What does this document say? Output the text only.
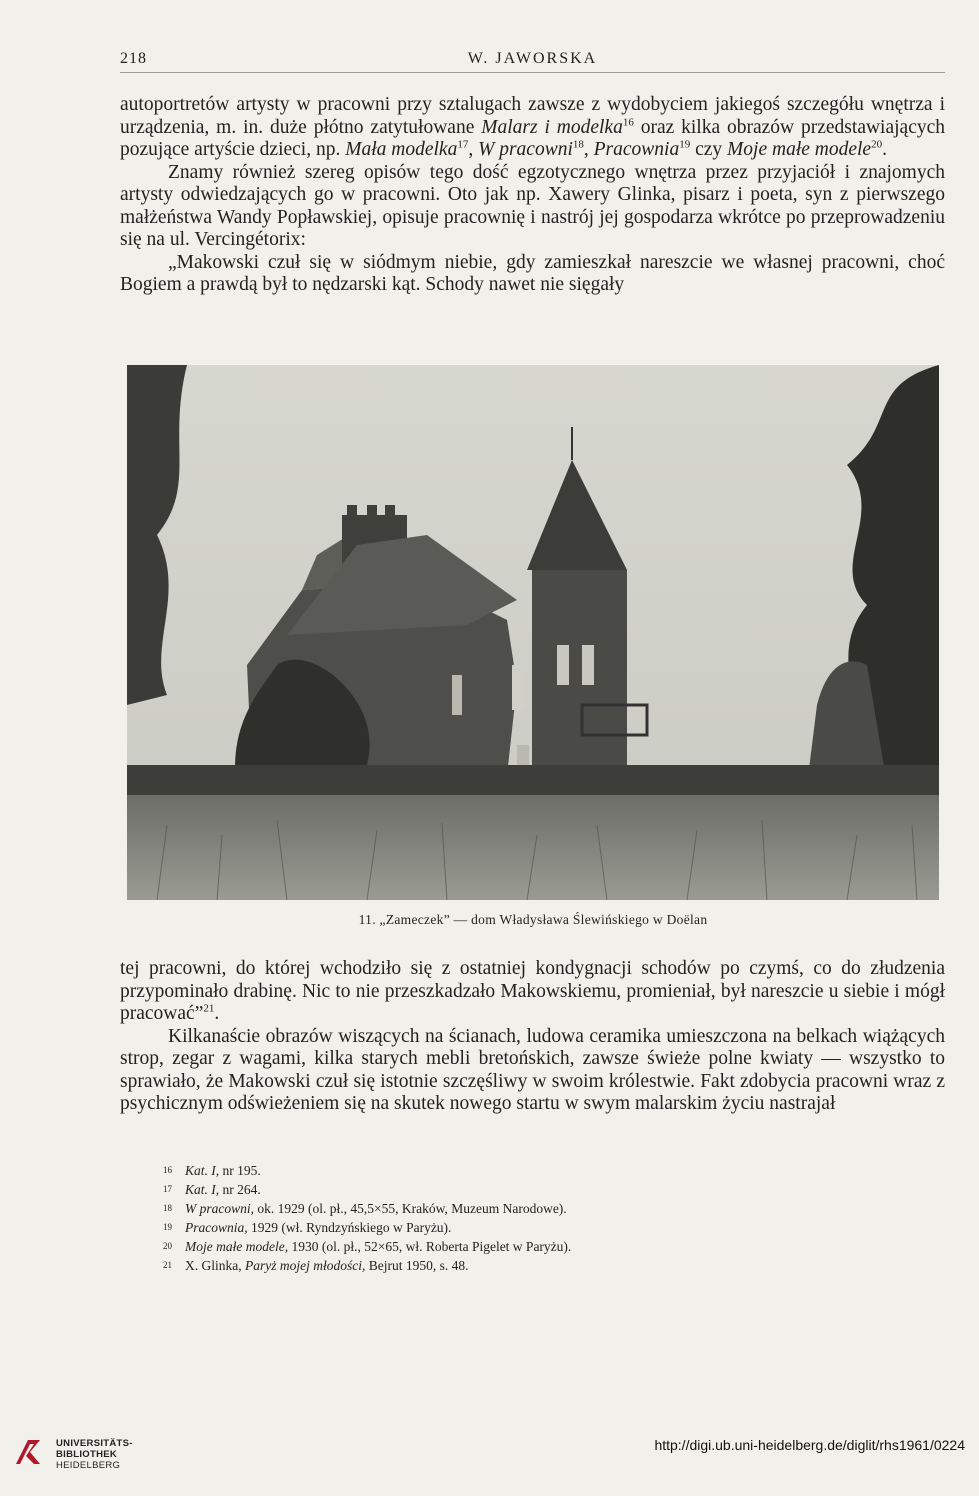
218	W. JAWORSKA

autoportretów artysty w pracowni przy sztalugach zawsze z wydobyciem jakiegoś szczegółu wnętrza i urządzenia, m. in. duże płótno zatytułowane Malarz i modelka$^{16}$ oraz kilka obrazów przedstawiających pozujące artyście dzieci, np. Mała modelka$^{17}$, W pracowni$^{18}$, Pracownia$^{19}$ czy Moje małe modele$^{20}$.

Znamy również szereg opisów tego dość egzotycznego wnętrza przez przyjaciół i znajomych artysty odwiedzających go w pracowni. Oto jak np. Xawery Glinka, pisarz i poeta, syn z pierwszego małżeństwa Wandy Popławskiej, opisuje pracownię i nastrój jej gospodarza wkrótce po przeprowadzeniu się na ul. Vercingétorix:

„Makowski czuł się w siódmym niebie, gdy zamieszkał nareszcie we własnej pracowni, choć Bogiem a prawdą był to nędzarski kąt. Schody nawet nie sięgały

11. „Zameczek” — dom Władysława Ślewińskiego w Doëlan

tej pracowni, do której wchodziło się z ostatniej kondygnacji schodów po czymś, co do złudzenia przypominało drabinę. Nic to nie przeszkadzało Makowskiemu, promieniał, był nareszcie u siebie i mógł pracować”$^{21}$.

Kilkanaście obrazów wiszących na ścianach, ludowa ceramika umieszczona na belkach wiążących strop, zegar z wagami, kilka starych mebli bretońskich, zawsze świeże polne kwiaty — wszystko to sprawiało, że Makowski czuł się istotnie szczęśliwy w swoim królestwie. Fakt zdobycia pracowni wraz z psychicznym odświeżeniem się na skutek nowego startu w swym malarskim życiu nastrajał

16 Kat. I, nr 195.
17 Kat. I, nr 264.
18 W pracowni, ok. 1929 (ol. pł., 45,5×55, Kraków, Muzeum Narodowe).
19 Pracownia, 1929 (wł. Ryndzyńskiego w Paryżu).
20 Moje małe modele, 1930 (ol. pł., 52×65, wł. Roberta Pigelet w Paryżu).
21 X. Glinka, Paryż mojej młodości, Bejrut 1950, s. 48.
UNIVERSITÄTS-
BIBLIOTHEK
HEIDELBERG
http://digi.ub.uni-heidelberg.de/diglit/rhs1961/0224
